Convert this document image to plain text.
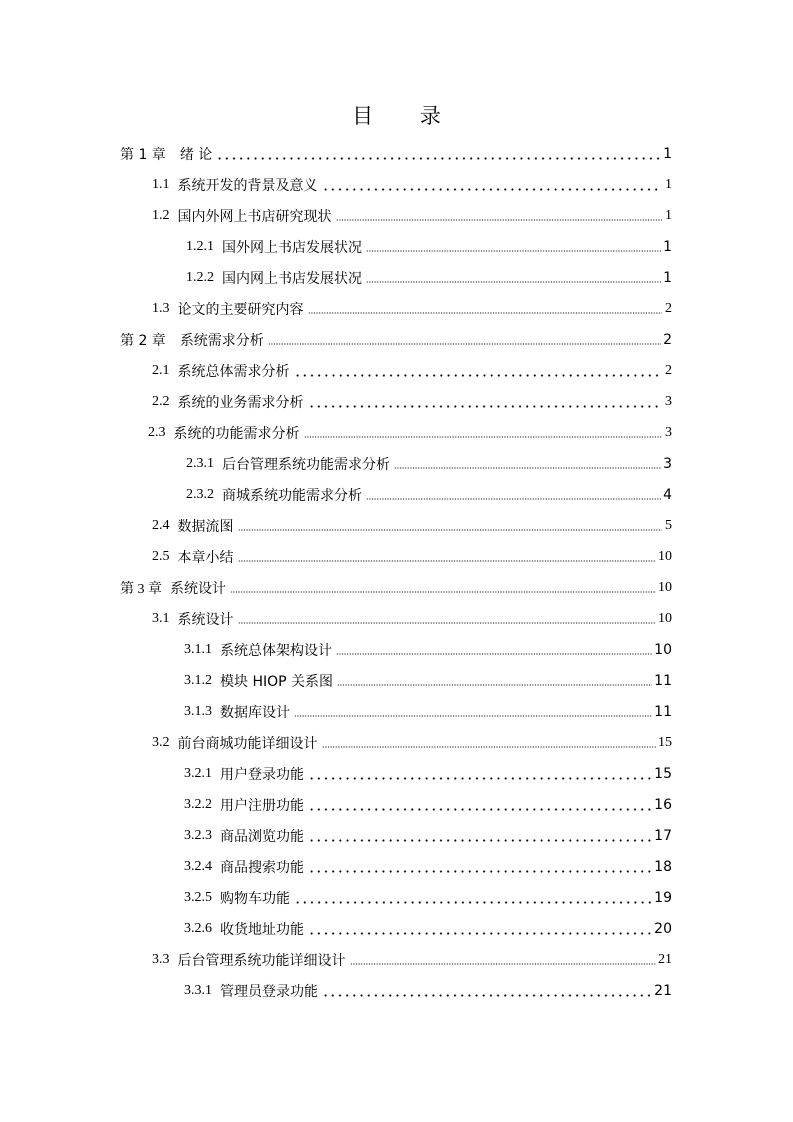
目 录
第 1 章	绪 论	1
1.1 系统开发的背景及意义	1
1.2 国内外网上书店研究现状	1
1.2.1 国外网上书店发展状况	1
1.2.2 国内网上书店发展状况	1
1.3 论文的主要研究内容	2
第 2 章	系统需求分析	2
2.1 系统总体需求分析	2
2.2 系统的业务需求分析	3
2.3 系统的功能需求分析	3
2.3.1 后台管理系统功能需求分析	3
2.3.2 商城系统功能需求分析	4
2.4 数据流图	5
2.5 本章小结	10
第 3 章 系统设计	10
3.1 系统设计	10
3.1.1 系统总体架构设计	10
3.1.2 模块 HIOP 关系图	11
3.1.3 数据库设计	11
3.2 前台商城功能详细设计	15
3.2.1 用户登录功能	15
3.2.2 用户注册功能	16
3.2.3 商品浏览功能	17
3.2.4 商品搜索功能	18
3.2.5 购物车功能	19
3.2.6 收货地址功能	20
3.3 后台管理系统功能详细设计	21
3.3.1 管理员登录功能	21
